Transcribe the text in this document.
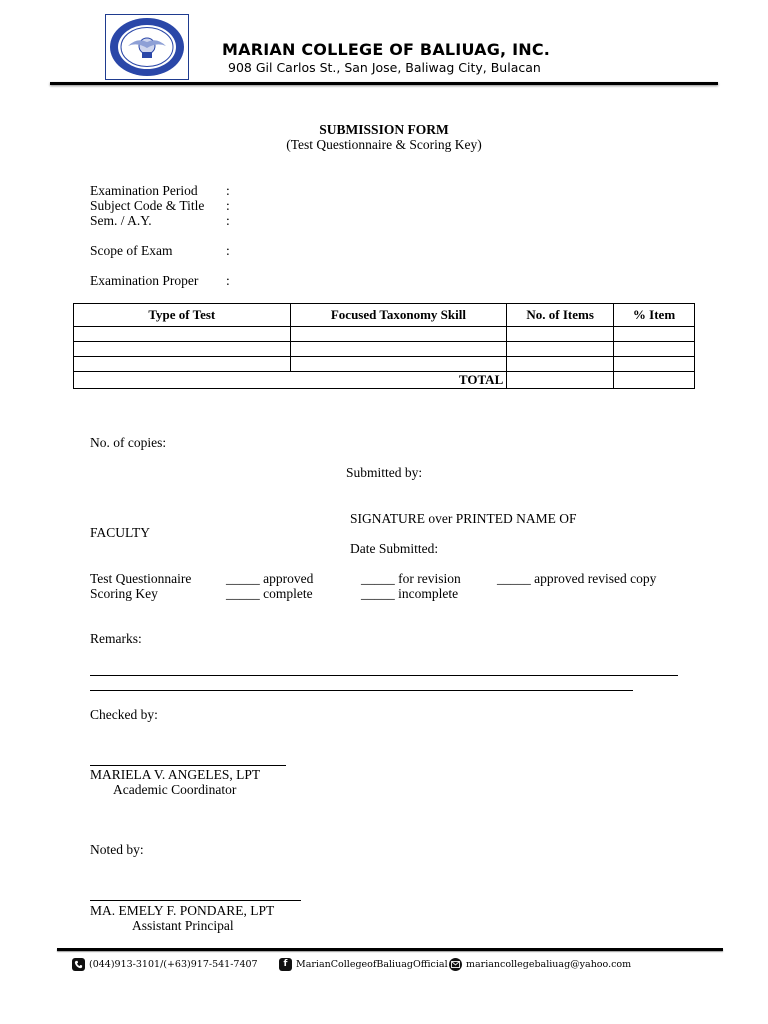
MARIAN COLLEGE OF BALIUAG, INC.
908 Gil Carlos St., San Jose, Baliwag City, Bulacan
SUBMISSION FORM
(Test Questionnaire & Scoring Key)
Examination Period :
Subject Code & Title :
Sem. / A.Y.	:
Scope of Exam	:
Examination Proper :
Type of Test	Focused Taxonomy Skill	No. of Items	% Item

TOTAL			
No. of copies:
Submitted by:
SIGNATURE over PRINTED NAME OF
FACULTY
Date Submitted:
Test Questionnaire	_____ approved	_____ for revision	_____ approved revised copy
Scoring Key	_____ complete	_____ incomplete
Remarks:
Checked by:
MARIELA V. ANGELES, LPT
Academic Coordinator
Noted by:
MA. EMELY F. PONDARE, LPT
Assistant Principal
(044)913-3101/(+63)917-541-7407	f MarianCollegeofBaliuagOfficial mariancollegebaliuag@yahoo.com
